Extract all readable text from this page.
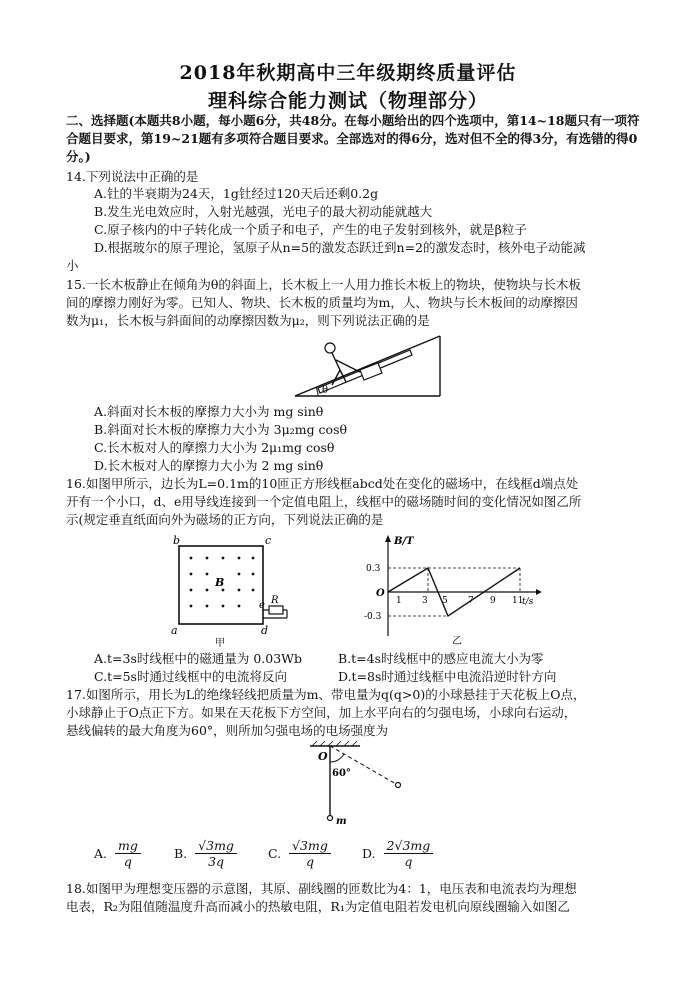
2018年秋期高中三年级期终质量评估
理科综合能力测试（物理部分）
二、选择题(本题共8小题，每小题6分，共48分。在每小题给出的四个选项中，第14~18题只有一项符合题目要求，第19~21题有多项符合题目要求。全部选对的得6分，选对但不全的得3分，有选错的得0分。)
14.下列说法中正确的是
A.钍的半衰期为24天，1g钍经过120天后还剩0.2g
B.发生光电效应时，入射光越强，光电子的最大初动能就越大
C.原子核内的中子转化成一个质子和电子，产生的电子发射到核外，就是β粒子
D.根据玻尔的原子理论，氢原子从n=5的激发态跃迁到n=2的激发态时，核外电子动能减
小
15.一长木板静止在倾角为θ的斜面上，长木板上一人用力推长木板上的物块，使物块与长木板
间的摩擦力刚好为零。已知人、物块、长木板的质量均为m，人、物块与长木板间的动摩擦因
数为μ₁，长木板与斜面间的动摩擦因数为μ₂，则下列说法正确的是
θ
A.斜面对长木板的摩擦力大小为 mg sinθ
B.斜面对长木板的摩擦力大小为 3μ₂mg cosθ
C.长木板对人的摩擦力大小为 2μ₁mg cosθ
D.长木板对人的摩擦力大小为 2 mg sinθ
16.如图甲所示，边长为L=0.1m的10匝正方形线框abcd处在变化的磁场中，在线框d端点处
开有一个小口，d、e用导线连接到一个定值电阻上，线框中的磁场随时间的变化情况如图乙所
示(规定垂直纸面向外为磁场的正方向，下列说法正确的是
b	c
a	d
e
B
R
甲
B/T
t/s
O
0.3
-0.3
1 3 5 7 9 11
乙
A.t=3s时线框中的磁通量为 0.03Wb	B.t=4s时线框中的感应电流大小为零
C.t=5s时通过线框中的电流将反向	D.t=8s时通过线框中电流沿逆时针方向
17.如图所示，用长为L的绝缘轻线把质量为m、带电量为q(q>0)的小球悬挂于天花板上O点，
小球静止于O点正下方。如果在天花板下方空间，加上水平向右的匀强电场，小球向右运动，
悬线偏转的最大角度为60°，则所加匀强电场的电场强度为
O
60°
m
A. $\frac{mg}{q}$	B. $\frac{√3mg}{3q} C$. $\frac{√3mg}{q} D$. $\frac{2√3mg}{q}$
18.如图甲为理想变压器的示意图，其原、副线圈的匝数比为4：1，电压表和电流表均为理想
电表，R₂为阻值随温度升高而减小的热敏电阻，R₁为定值电阻若发电机向原线圈输入如图乙
